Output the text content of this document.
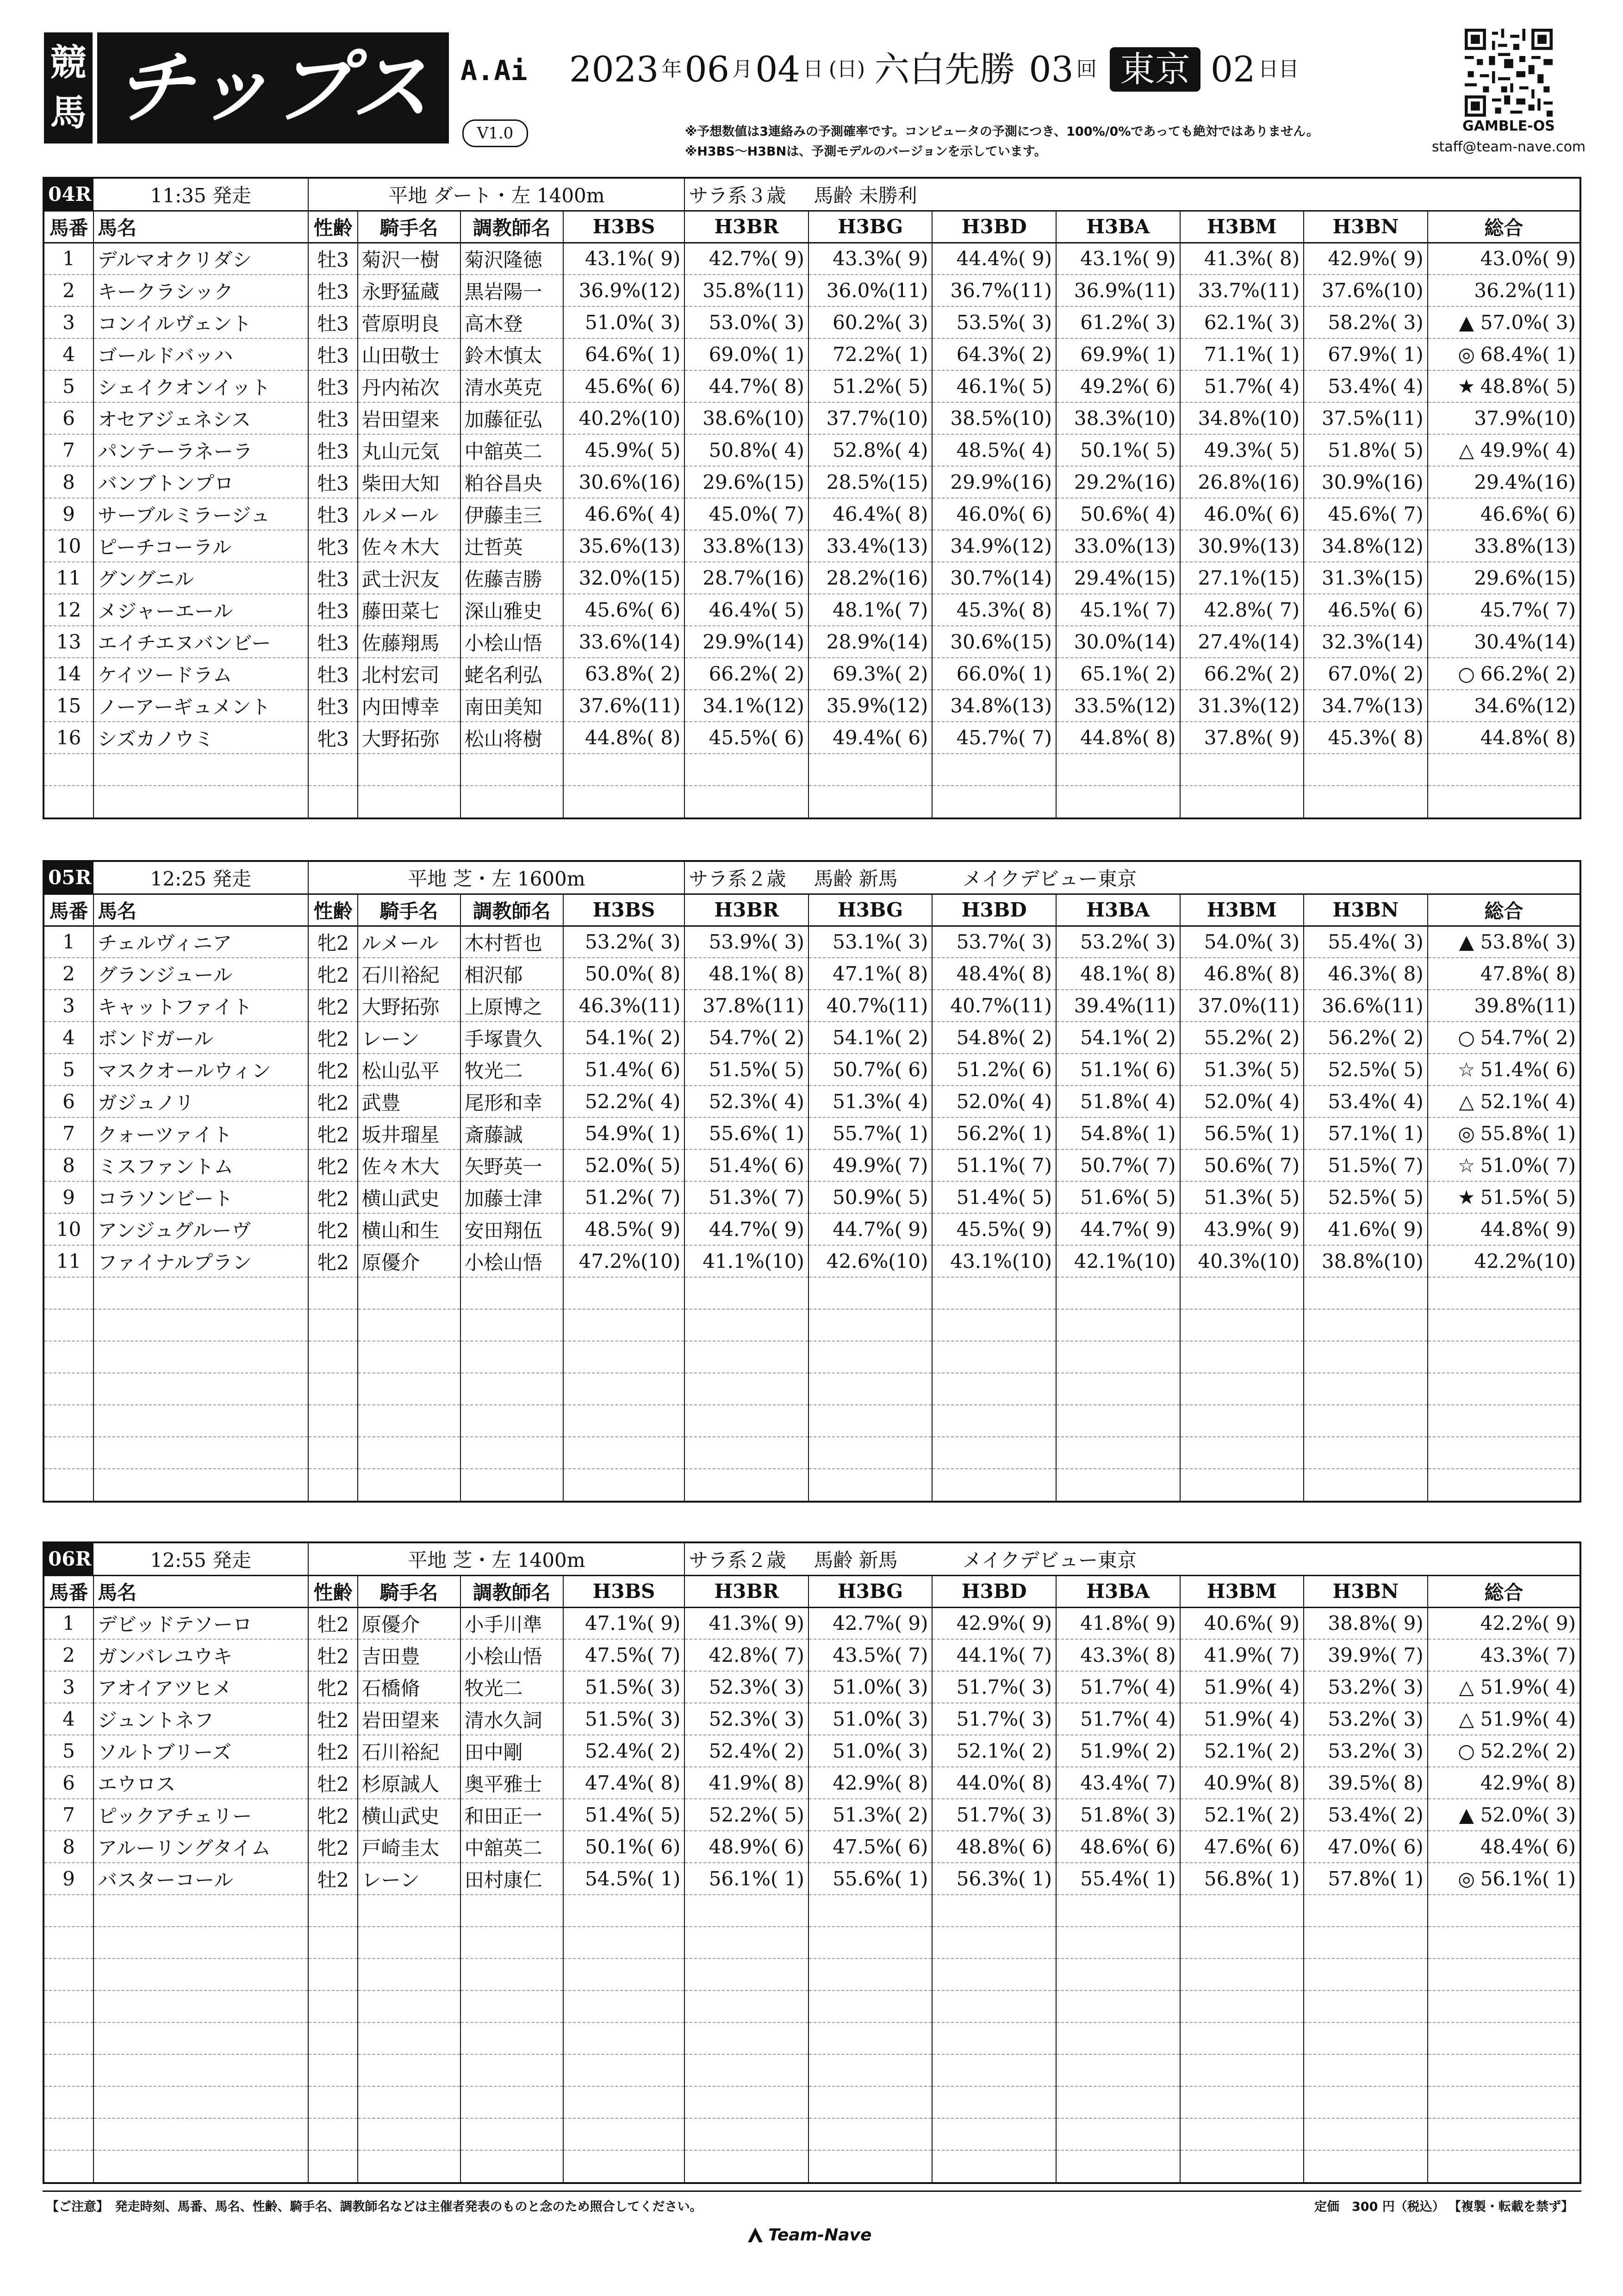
競
馬 チップスAi
A.Ai
V1.0
2023 年 06 月 04 日 (日) 六白先勝 03 回 東京 02 日目
※予想数値は3連絡みの予測確率です。コンピュータの予測につき、100%/0%であっても絶対ではありません。
※H3BS～H3BNは、予測モデルのバージョンを示しています。
GAMBLE-OS
staff@team-nave.com
04R	11:35 発走	平地 ダート・左 1400m				サラ系３歳 馬齢 未勝利						
馬番	馬名	性齢	騎手名	調教師名	H3BS	H3BR	H3BG	H3BD	H3BA	H3BM	H3BN	総合
1	デルマオクリダシ	牡3	菊沢一樹	菊沢隆徳	43.1%( 9)	42.7%( 9)	43.3%( 9)	44.4%( 9)	43.1%( 9)	41.3%( 8)	42.9%( 9)	43.0%( 9)
2	キークラシック	牡3	永野猛蔵	黒岩陽一	36.9%(12)	35.8%(11)	36.0%(11)	36.7%(11)	36.9%(11)	33.7%(11)	37.6%(10)	36.2%(11)
3	コンイルヴェント	牡3	菅原明良	高木登	51.0%( 3)	53.0%( 3)	60.2%( 3)	53.5%( 3)	61.2%( 3)	62.1%( 3)	58.2%( 3)	▲ 57.0%( 3)
4	ゴールドバッハ	牡3	山田敬士	鈴木慎太	64.6%( 1)	69.0%( 1)	72.2%( 1)	64.3%( 2)	69.9%( 1)	71.1%( 1)	67.9%( 1)	◎ 68.4%( 1)
5	シェイクオンイット	牡3	丹内祐次	清水英克	45.6%( 6)	44.7%( 8)	51.2%( 5)	46.1%( 5)	49.2%( 6)	51.7%( 4)	53.4%( 4)	★ 48.8%( 5)
6	オセアジェネシス	牡3	岩田望来	加藤征弘	40.2%(10)	38.6%(10)	37.7%(10)	38.5%(10)	38.3%(10)	34.8%(10)	37.5%(11)	37.9%(10)
7	パンテーラネーラ	牡3	丸山元気	中舘英二	45.9%( 5)	50.8%( 4)	52.8%( 4)	48.5%( 4)	50.1%( 5)	49.3%( 5)	51.8%( 5)	△ 49.9%( 4)
8	バンブトンプロ	牡3	柴田大知	粕谷昌央	30.6%(16)	29.6%(15)	28.5%(15)	29.9%(16)	29.2%(16)	26.8%(16)	30.9%(16)	29.4%(16)
9	サーブルミラージュ	牡3	ルメール	伊藤圭三	46.6%( 4)	45.0%( 7)	46.4%( 8)	46.0%( 6)	50.6%( 4)	46.0%( 6)	45.6%( 7)	46.6%( 6)
10	ピーチコーラル	牝3	佐々木大	辻哲英	35.6%(13)	33.8%(13)	33.4%(13)	34.9%(12)	33.0%(13)	30.9%(13)	34.8%(12)	33.8%(13)
11	グングニル	牡3	武士沢友	佐藤吉勝	32.0%(15)	28.7%(16)	28.2%(16)	30.7%(14)	29.4%(15)	27.1%(15)	31.3%(15)	29.6%(15)
12	メジャーエール	牡3	藤田菜七	深山雅史	45.6%( 6)	46.4%( 5)	48.1%( 7)	45.3%( 8)	45.1%( 7)	42.8%( 7)	46.5%( 6)	45.7%( 7)
13	エイチエヌバンビー	牡3	佐藤翔馬	小桧山悟	33.6%(14)	29.9%(14)	28.9%(14)	30.6%(15)	30.0%(14)	27.4%(14)	32.3%(14)	30.4%(14)
14	ケイツードラム	牡3	北村宏司	蛯名利弘	63.8%( 2)	66.2%( 2)	69.3%( 2)	66.0%( 1)	65.1%( 2)	66.2%( 2)	67.0%( 2)	○ 66.2%( 2)
15	ノーアーギュメント	牡3	内田博幸	南田美知	37.6%(11)	34.1%(12)	35.9%(12)	34.8%(13)	33.5%(12)	31.3%(12)	34.7%(13)	34.6%(12)
16	シズカノウミ	牝3	大野拓弥	松山将樹	44.8%( 8)	45.5%( 6)	49.4%( 6)	45.7%( 7)	44.8%( 8)	37.8%( 9)	45.3%( 8)	44.8%( 8)

05R	12:25 発走	平地 芝・左 1600m				サラ系２歳 馬齢 新馬 メイクデビュー東京						
馬番	馬名	性齢	騎手名	調教師名	H3BS	H3BR	H3BG	H3BD	H3BA	H3BM	H3BN	総合
1	チェルヴィニア	牝2	ルメール	木村哲也	53.2%( 3)	53.9%( 3)	53.1%( 3)	53.7%( 3)	53.2%( 3)	54.0%( 3)	55.4%( 3)	▲ 53.8%( 3)
2	グランジュール	牝2	石川裕紀	相沢郁	50.0%( 8)	48.1%( 8)	47.1%( 8)	48.4%( 8)	48.1%( 8)	46.8%( 8)	46.3%( 8)	47.8%( 8)
3	キャットファイト	牝2	大野拓弥	上原博之	46.3%(11)	37.8%(11)	40.7%(11)	40.7%(11)	39.4%(11)	37.0%(11)	36.6%(11)	39.8%(11)
4	ボンドガール	牝2	レーン	手塚貴久	54.1%( 2)	54.7%( 2)	54.1%( 2)	54.8%( 2)	54.1%( 2)	55.2%( 2)	56.2%( 2)	○ 54.7%( 2)
5	マスクオールウィン	牝2	松山弘平	牧光二	51.4%( 6)	51.5%( 5)	50.7%( 6)	51.2%( 6)	51.1%( 6)	51.3%( 5)	52.5%( 5)	☆ 51.4%( 6)
6	ガジュノリ	牝2	武豊	尾形和幸	52.2%( 4)	52.3%( 4)	51.3%( 4)	52.0%( 4)	51.8%( 4)	52.0%( 4)	53.4%( 4)	△ 52.1%( 4)
7	クォーツァイト	牝2	坂井瑠星	斎藤誠	54.9%( 1)	55.6%( 1)	55.7%( 1)	56.2%( 1)	54.8%( 1)	56.5%( 1)	57.1%( 1)	◎ 55.8%( 1)
8	ミスファントム	牝2	佐々木大	矢野英一	52.0%( 5)	51.4%( 6)	49.9%( 7)	51.1%( 7)	50.7%( 7)	50.6%( 7)	51.5%( 7)	☆ 51.0%( 7)
9	コラソンビート	牝2	横山武史	加藤士津	51.2%( 7)	51.3%( 7)	50.9%( 5)	51.4%( 5)	51.6%( 5)	51.3%( 5)	52.5%( 5)	★ 51.5%( 5)
10	アンジュグルーヴ	牝2	横山和生	安田翔伍	48.5%( 9)	44.7%( 9)	44.7%( 9)	45.5%( 9)	44.7%( 9)	43.9%( 9)	41.6%( 9)	44.8%( 9)
11	ファイナルプラン	牝2	原優介	小桧山悟	47.2%(10)	41.1%(10)	42.6%(10)	43.1%(10)	42.1%(10)	40.3%(10)	38.8%(10)	42.2%(10)

06R	12:55 発走	平地 芝・左 1400m				サラ系２歳 馬齢 新馬 メイクデビュー東京						
馬番	馬名	性齢	騎手名	調教師名	H3BS	H3BR	H3BG	H3BD	H3BA	H3BM	H3BN	総合
1	デビッドテソーロ	牡2	原優介	小手川準	47.1%( 9)	41.3%( 9)	42.7%( 9)	42.9%( 9)	41.8%( 9)	40.6%( 9)	38.8%( 9)	42.2%( 9)
2	ガンバレユウキ	牡2	吉田豊	小桧山悟	47.5%( 7)	42.8%( 7)	43.5%( 7)	44.1%( 7)	43.3%( 8)	41.9%( 7)	39.9%( 7)	43.3%( 7)
3	アオイアツヒメ	牝2	石橋脩	牧光二	51.5%( 3)	52.3%( 3)	51.0%( 3)	51.7%( 3)	51.7%( 4)	51.9%( 4)	53.2%( 3)	△ 51.9%( 4)
4	ジュントネフ	牡2	岩田望来	清水久詞	51.5%( 3)	52.3%( 3)	51.0%( 3)	51.7%( 3)	51.7%( 4)	51.9%( 4)	53.2%( 3)	△ 51.9%( 4)
5	ソルトブリーズ	牡2	石川裕紀	田中剛	52.4%( 2)	52.4%( 2)	51.0%( 3)	52.1%( 2)	51.9%( 2)	52.1%( 2)	53.2%( 3)	○ 52.2%( 2)
6	エウロス	牡2	杉原誠人	奥平雅士	47.4%( 8)	41.9%( 8)	42.9%( 8)	44.0%( 8)	43.4%( 7)	40.9%( 8)	39.5%( 8)	42.9%( 8)
7	ピックアチェリー	牝2	横山武史	和田正一	51.4%( 5)	52.2%( 5)	51.3%( 2)	51.7%( 3)	51.8%( 3)	52.1%( 2)	53.4%( 2)	▲ 52.0%( 3)
8	アルーリングタイム	牝2	戸崎圭太	中舘英二	50.1%( 6)	48.9%( 6)	47.5%( 6)	48.8%( 6)	48.6%( 6)	47.6%( 6)	47.0%( 6)	48.4%( 6)
9	バスターコール	牡2	レーン	田村康仁	54.5%( 1)	56.1%( 1)	55.6%( 1)	56.3%( 1)	55.4%( 1)	56.8%( 1)	57.8%( 1)	◎ 56.1%( 1)

【ご注意】　発走時刻、馬番、馬名、性齢、騎手名、調教師名などは主催者発表のものと念のため照合してください。	定価　300 円（税込） 【複製・転載を禁ず】
Team-Nave
